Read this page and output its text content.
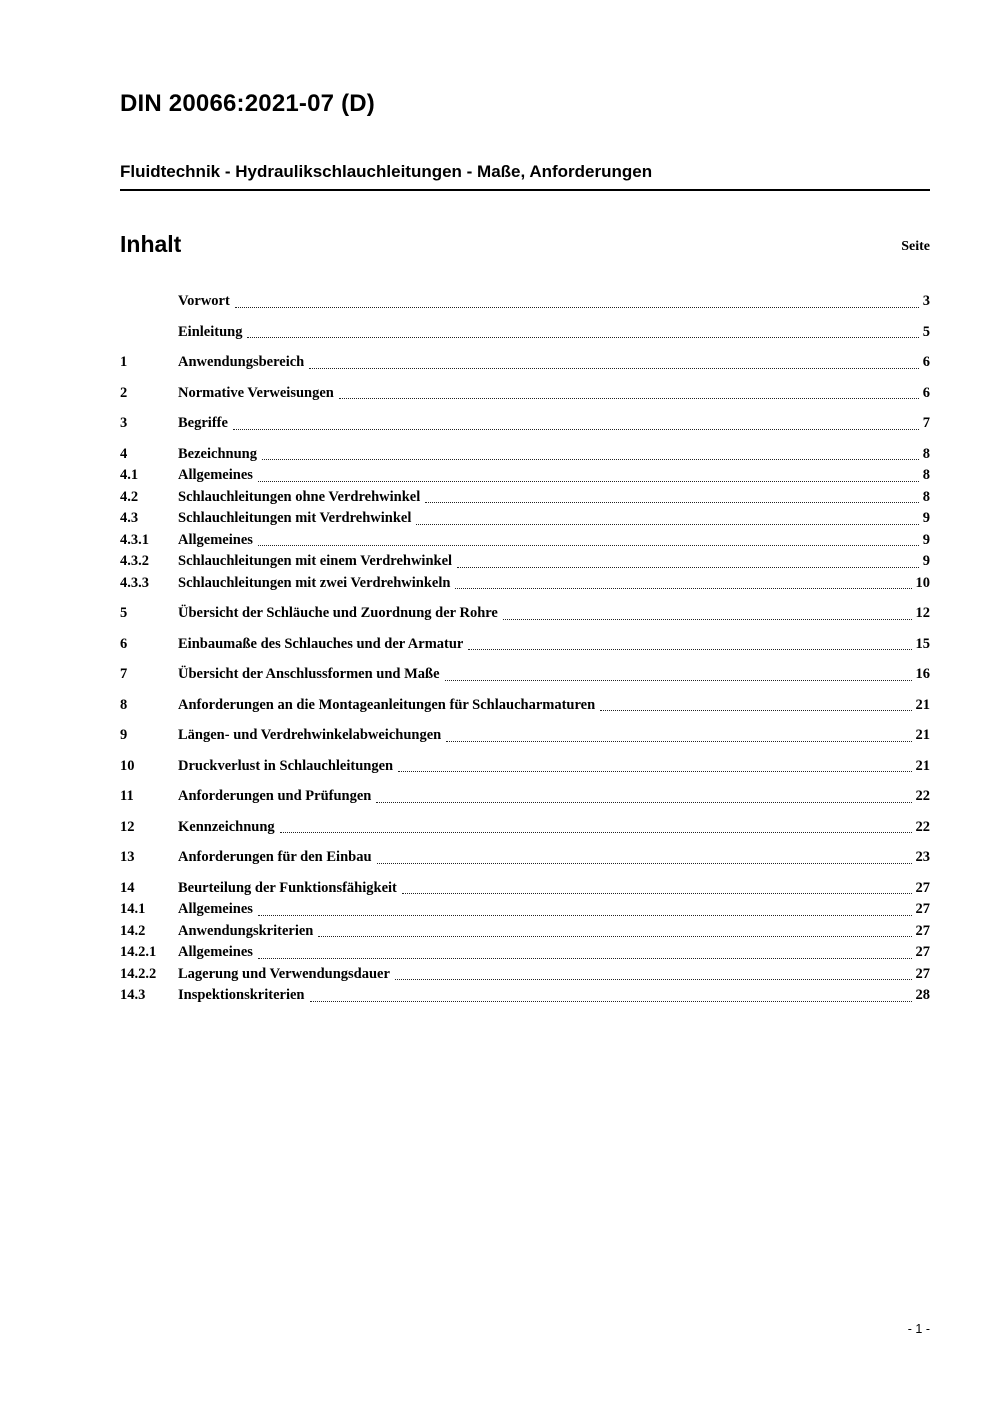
DIN 20066:2021-07 (D)
Fluidtechnik - Hydraulikschlauchleitungen - Maße, Anforderungen
Inhalt	Seite
Vorwort	3
Einleitung	5
1	Anwendungsbereich	6
2	Normative Verweisungen	6
3	Begriffe	7
4	Bezeichnung	8
4.1	Allgemeines	8
4.2	Schlauchleitungen ohne Verdrehwinkel	8
4.3	Schlauchleitungen mit Verdrehwinkel	9
4.3.1	Allgemeines	9
4.3.2	Schlauchleitungen mit einem Verdrehwinkel	9
4.3.3	Schlauchleitungen mit zwei Verdrehwinkeln	10
5	Übersicht der Schläuche und Zuordnung der Rohre	12
6	Einbaumaße des Schlauches und der Armatur	15
7	Übersicht der Anschlussformen und Maße	16
8	Anforderungen an die Montageanleitungen für Schlaucharmaturen	21
9	Längen- und Verdrehwinkelabweichungen	21
10	Druckverlust in Schlauchleitungen	21
11	Anforderungen und Prüfungen	22
12	Kennzeichnung	22
13	Anforderungen für den Einbau	23
14	Beurteilung der Funktionsfähigkeit	27
14.1	Allgemeines	27
14.2	Anwendungskriterien	27
14.2.1	Allgemeines	27
14.2.2	Lagerung und Verwendungsdauer	27
14.3	Inspektionskriterien	28
- 1 -
